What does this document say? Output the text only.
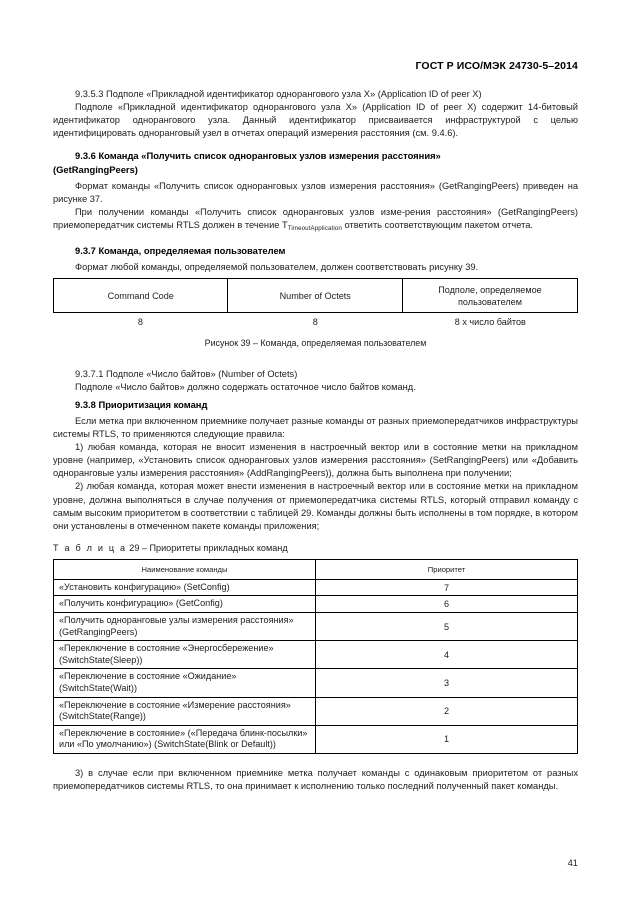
ГОСТ Р ИСО/МЭК 24730-5–2014

9.3.5.3 Подполе «Прикладной идентификатор однорангового узла X» (Application ID of peer X)

Подполе «Прикладной идентификатор однорангового узла X» (Application ID of peer X) содержит 14-битовый идентификатор однорангового узла. Данный идентификатор присваивается инфраструктурой с целью идентифицировать одноранговый узел в отчетах операций измерения расстояния (см. 9.4.6).

9.3.6 Команда «Получить список одноранговых узлов измерения расстояния»
(GetRangingPeers)

Формат команды «Получить список одноранговых узлов измерения расстояния» (GetRangingPeers) приведен на рисунке 37.

При получении команды «Получить список одноранговых узлов изме-рения расстояния» (GetRangingPeers) приемопередатчик системы RTLS должен в течение $T_{TimeoutApplication}$ ответить соответствующим пакетом отчета.

9.3.7 Команда, определяемая пользователем

Формат любой команды, определяемой пользователем, должен соответствовать рисунку 39.

Command Code	Number of Octets	Подполе, определяемое пользователем
8	8	8 х число байтов

Рисунок 39 – Команда, определяемая пользователем

9.3.7.1 Подполе «Число байтов» (Number of Octets)

Подполе «Число байтов» должно содержать остаточное число байтов команд.

9.3.8 Приоритизация команд

Если метка при включенном приемнике получает разные команды от разных приемопередатчиков инфраструктуры системы RTLS, то применяются следующие правила:

1) любая команда, которая не вносит изменения в настроечный вектор или в состояние метки на прикладном уровне (например, «Установить список одноранговых узлов измерения расстояния» (SetRangingPeers) или «Добавить одноранговые узлы измерения расстояния» (AddRangingPeers)), должна быть выполнена при получении;

2) любая команда, которая может внести изменения в настроечный вектор или в состояние метки на прикладном уровне, должна выполняться в случае получения от приемопередатчика системы RTLS, который отправил команду с самым высоким приоритетом в соответствии с таблицей 29. Команды должны быть исполнены в том порядке, в котором они установлены в отмеченном пакете команды приложения;

Т а б л и ц а 29 – Приоритеты прикладных команд

Наименование команды	Приоритет
«Установить конфигурацию» (SetConfig)	7
«Получить конфигурацию» (GetConfig)	6
«Получить одноранговые узлы измерения расстояния» (GetRangingPeers)	5
«Переключение в состояние «Энергосбережение» (SwitchState(Sleep))	4
«Переключение в состояние «Ожидание» (SwitchState(Wait))	3
«Переключение в состояние «Измерение расстояния» (SwitchState(Range))	2
«Переключение в состояние» («Передача блинк-посылки» или «По умолчанию») (SwitchState(Blink or Default))	1

3) в случае если при включенном приемнике метка получает команды с одинаковым приоритетом от разных приемопередатчиков системы RTLS, то она принимает к исполнению только последний полученный пакет команды.

41
